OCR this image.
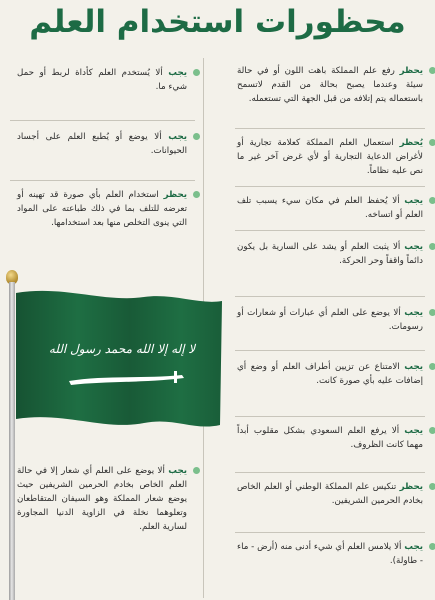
محظورات استخدام العلم
يحظر رفع علم المملكة باهت اللون أو في حالة سيئة وعندما يصبح بحالة من القدم لاتسمح باستعماله يتم إتلافه من قبل الجهة التي تستعمله.
يُحظر استعمال العلم المملكة كعلامة تجارية أو لأغراض الدعاية التجارية أو لأي غرض آخر غير ما نص عليه نظاماً.
يجب ألا يُحفظ العلم في مكان سيء يسبب تلف العلم أو اتساخه.
يجب ألا يثبت العلم أو يشد على السارية بل يكون دائماً واقفاً وحر الحركة.
يجب ألا يوضع على العلم أي عبارات أو شعارات أو رسومات.
يجب الامتناع عن تزيين أطراف العلم أو وضع أي إضافات عليه بأي صورة كانت.
يجب ألا يرفع العلم السعودي بشكل مقلوب أبداً مهما كانت الظروف.
يحظر تنكيس علم المملكة الوطني أو العلم الخاص بخادم الحرمين الشريفين.
يجب ألا يلامس العلم أي شيء أدنى منه (أرض - ماء - طاولة).
يجب ألا يُستخدم العلم كأداة لربط أو حمل شيء ما.
يجب ألا يوضع أو يُطبع العلم على أجساد الحيوانات.
يحظر استخدام العلم بأي صورة قد تهينه أو تعرضه للتلف بما في ذلك طباعته على المواد التي ينوى التخلص منها بعد استخدامها.
لا إله إلا الله محمد رسول الله
يجب ألا يوضع على العلم أي شعار إلا في حالة العلم الخاص بخادم الحرمين الشريفين حيث يوضع شعار المملكة وهو السيفان المتقاطعان وتعلوهما نخلة في الزاوية الدنيا المجاورة لسارية العلم.
